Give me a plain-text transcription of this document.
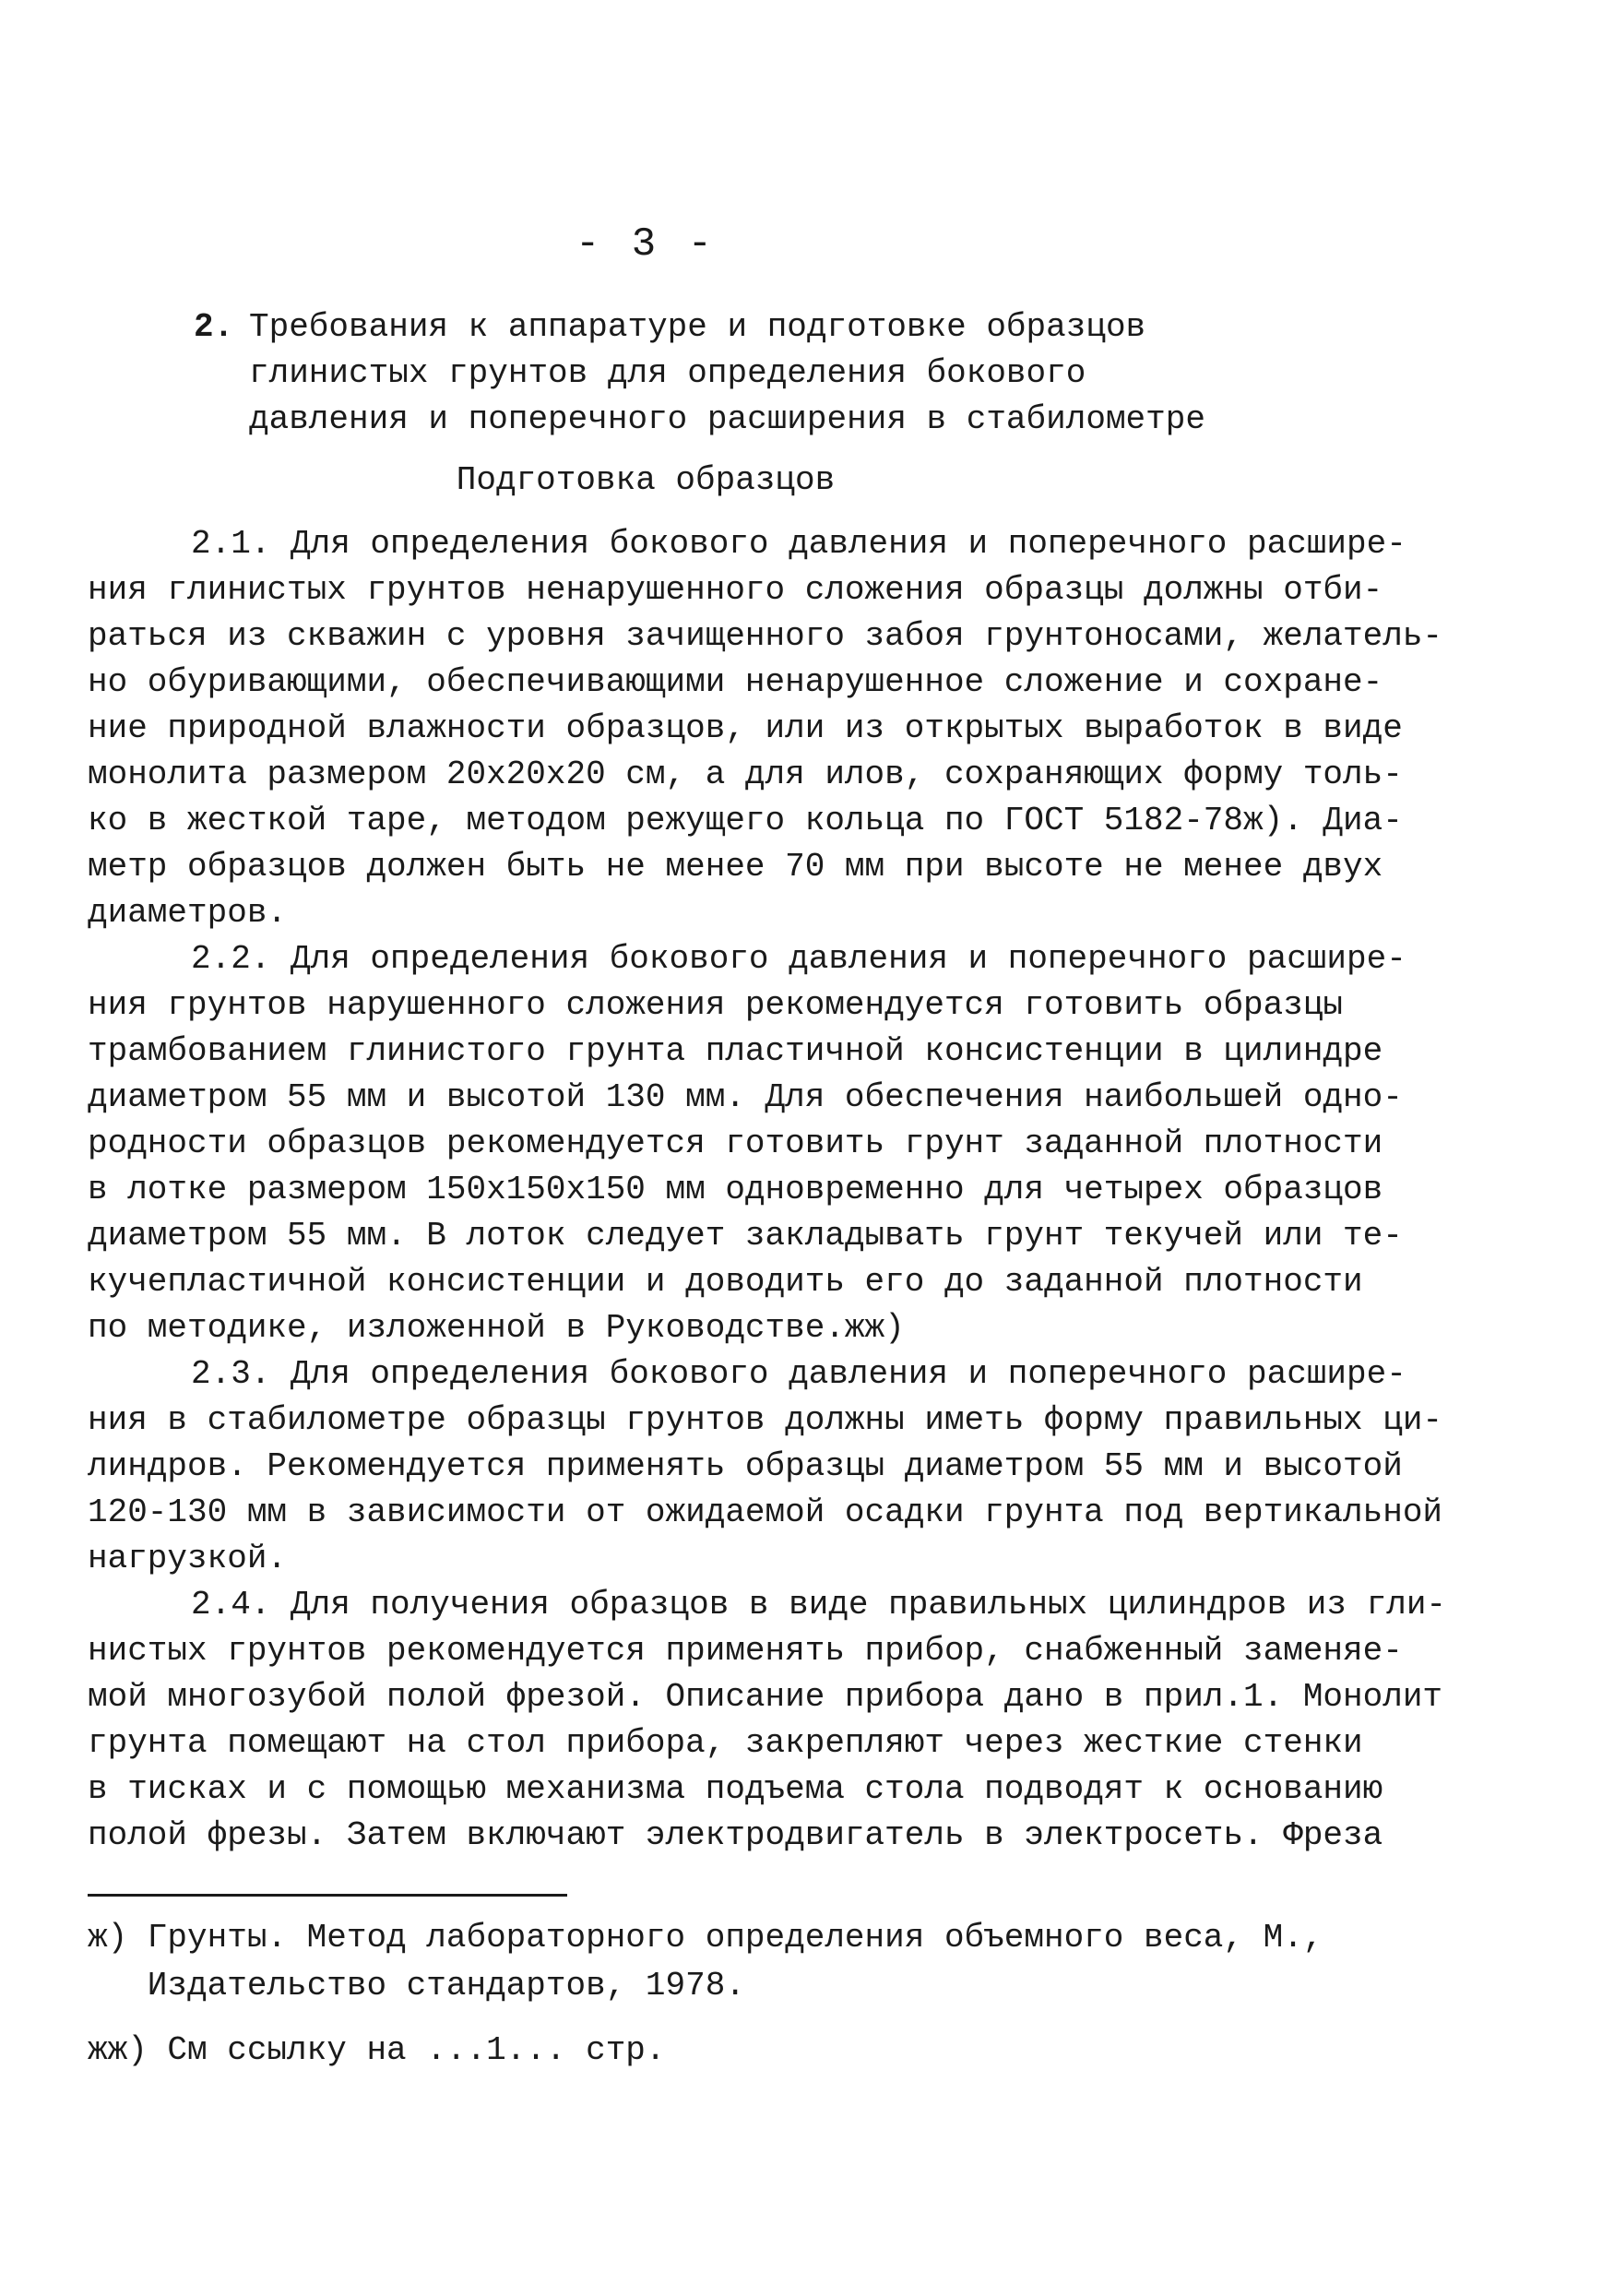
- 3 -
2. Требования к аппаратуре и подготовке образцов
глинистых грунтов для определения бокового
давления и поперечного расширения в стабилометре
Подготовка образцов
2.1. Для определения бокового давления и поперечного расшире-
ния глинистых грунтов ненарушенного сложения образцы должны отби-
раться из скважин с уровня зачищенного забоя грунтоносами, желатель-
но обуривающими, обеспечивающими ненарушенное сложение и сохране-
ние природной влажности образцов, или из открытых выработок в виде
монолита размером 20х20х20 см, а для илов, сохраняющих форму толь-
ко в жесткой таре, методом режущего кольца по ГОСТ 5182-78ж). Диа-
метр образцов должен быть не менее 70 мм при высоте не менее двух
диаметров.
2.2. Для определения бокового давления и поперечного расшире-
ния грунтов нарушенного сложения рекомендуется готовить образцы
трамбованием глинистого грунта пластичной консистенции в цилиндре
диаметром 55 мм и высотой 130 мм. Для обеспечения наибольшей одно-
родности образцов рекомендуется готовить грунт заданной плотности
в лотке размером 150х150х150 мм одновременно для четырех образцов
диаметром 55 мм. В лоток следует закладывать грунт текучей или те-
кучепластичной консистенции и доводить его до заданной плотности
по методике, изложенной в Руководстве.жж)
2.3. Для определения бокового давления и поперечного расшире-
ния в стабилометре образцы грунтов должны иметь форму правильных ци-
линдров. Рекомендуется применять образцы диаметром 55 мм и высотой
120-130 мм в зависимости от ожидаемой осадки грунта под вертикальной
нагрузкой.
2.4. Для получения образцов в виде правильных цилиндров из гли-
нистых грунтов рекомендуется применять прибор, снабженный заменяе-
мой многозубой полой фрезой. Описание прибора дано в прил.1. Монолит
грунта помещают на стол прибора, закрепляют через жесткие стенки
в тисках и с помощью механизма подъема стола подводят к основанию
полой фрезы. Затем включают электродвигатель в электросеть. Фреза
ж) Грунты. Метод лабораторного определения объемного веса, М.,
Издательство стандартов, 1978.
жж) См ссылку на ...1... стр.
